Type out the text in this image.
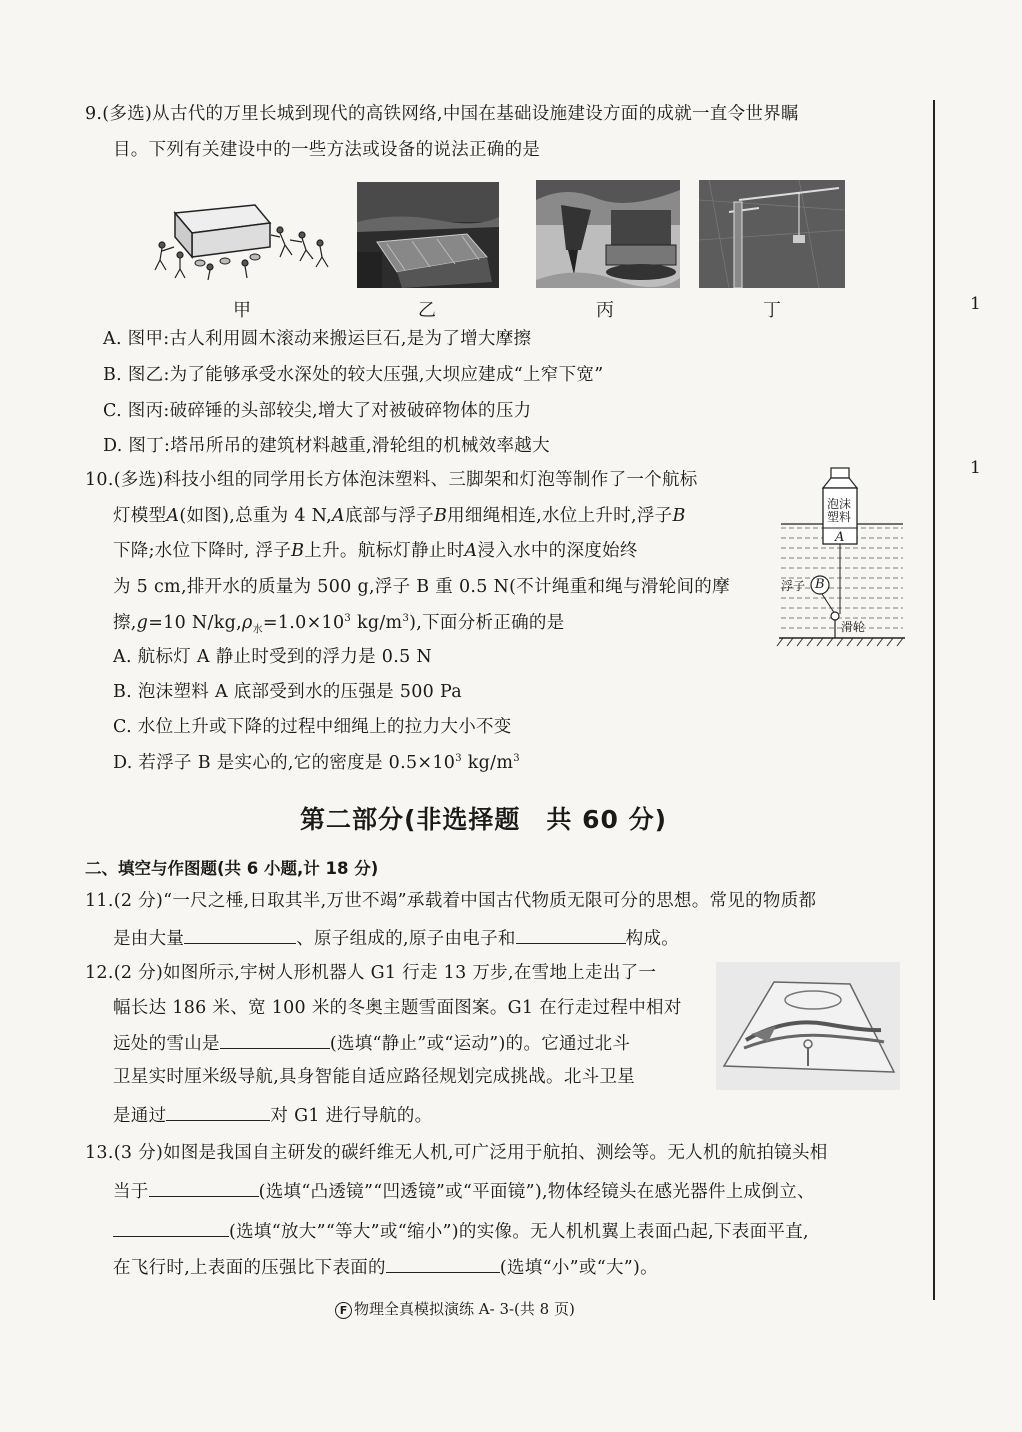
9.(多选)从古代的万里长城到现代的高铁网络,中国在基础设施建设方面的成就一直令世界瞩
目。下列有关建设中的一些方法或设备的说法正确的是
甲	乙	丙	丁
A. 图甲:古人利用圆木滚动来搬运巨石,是为了增大摩擦
B. 图乙:为了能够承受水深处的较大压强,大坝应建成“上窄下宽”
C. 图丙:破碎锤的头部较尖,增大了对被破碎物体的压力
D. 图丁:塔吊所吊的建筑材料越重,滑轮组的机械效率越大
10.(多选)科技小组的同学用长方体泡沫塑料、三脚架和灯泡等制作了一个航标
灯模型A(如图),总重为 4 N,A底部与浮子B用细绳相连,水位上升时,浮子B
下降;水位下降时, 浮子B上升。航标灯静止时A浸入水中的深度始终
为 5 cm,排开水的质量为 500 g,浮子 B 重 0.5 N(不计绳重和绳与滑轮间的摩
擦,g=10 $N/kg,\rho_水=1.0\times 10^3$ $kg/m^3$),下面分析正确的是
A. 航标灯 A 静止时受到的浮力是 0.5 N
B. 泡沫塑料 A 底部受到水的压强是 500 Pa
C. 水位上升或下降的过程中细绳上的拉力大小不变
D. 若浮子 B 是实心的,它的密度是 $0.5\times 10^3$ $kg/m^3$
泡沫
塑料
A
浮子 B
滑轮
第二部分(非选择题　共 60 分)
二、填空与作图题(共 6 小题,计 18 分)
11.(2 分)“一尺之棰,日取其半,万世不竭”承载着中国古代物质无限可分的思想。常见的物质都
是由大量	、原子组成的,原子由电子和	构成。
12.(2 分)如图所示,宇树人形机器人 G1 行走 13 万步,在雪地上走出了一
幅长达 186 米、宽 100 米的冬奥主题雪面图案。G1 在行走过程中相对
远处的雪山是	(选填“静止”或“运动”)的。它通过北斗
卫星实时厘米级导航,具身智能自适应路径规划完成挑战。北斗卫星
是通过	对 G1 进行导航的。
13.(3 分)如图是我国自主研发的碳纤维无人机,可广泛用于航拍、测绘等。无人机的航拍镜头相
当于	(选填“凸透镜”“凹透镜”或“平面镜”),物体经镜头在感光器件上成倒立、
(选填“放大”“等大”或“缩小”)的实像。无人机机翼上表面凸起,下表面平直,
在飞行时,上表面的压强比下表面的	(选填“小”或“大”)。
1
1
F 物理全真模拟演练 A- 3-(共 8 页)
